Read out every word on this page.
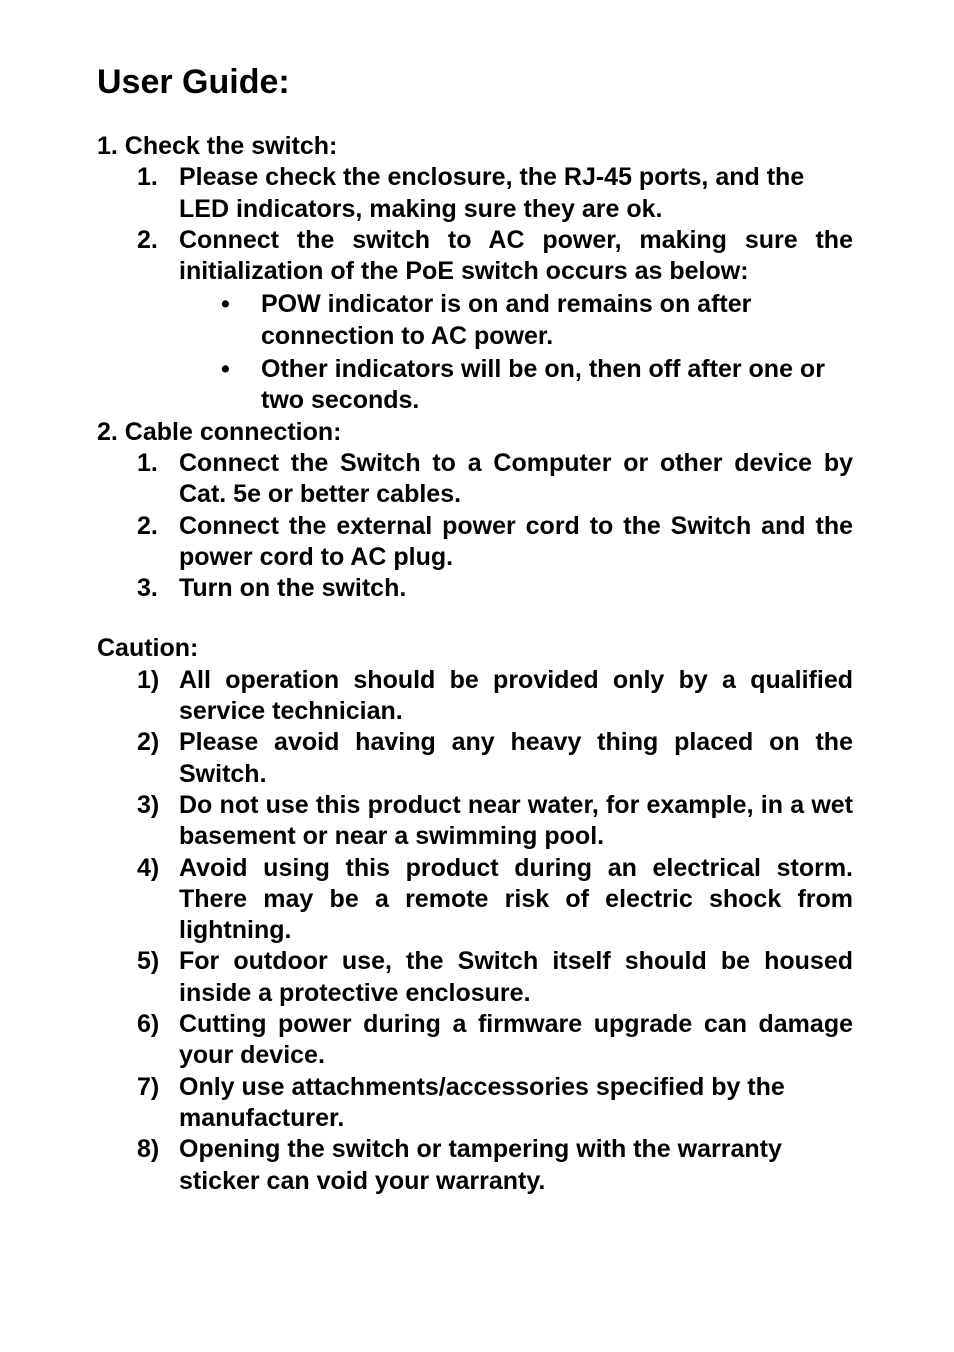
User Guide:
1. Check the switch:
1. Please check the enclosure, the RJ-45 ports, and the LED indicators, making sure they are ok.
2. Connect the switch to AC power, making sure the initialization of the PoE switch occurs as below:
• POW indicator is on and remains on after connection to AC power.
• Other indicators will be on, then off after one or two seconds.
2. Cable connection:
1. Connect the Switch to a Computer or other device by Cat. 5e or better cables.
2. Connect the external power cord to the Switch and the power cord to AC plug.
3. Turn on the switch.
Caution:
1) All operation should be provided only by a qualified service technician.
2) Please avoid having any heavy thing placed on the Switch.
3) Do not use this product near water, for example, in a wet basement or near a swimming pool.
4) Avoid using this product during an electrical storm. There may be a remote risk of electric shock from lightning.
5) For outdoor use, the Switch itself should be housed inside a protective enclosure.
6) Cutting power during a firmware upgrade can damage your device.
7) Only use attachments/accessories specified by the manufacturer.
8) Opening the switch or tampering with the warranty sticker can void your warranty.
